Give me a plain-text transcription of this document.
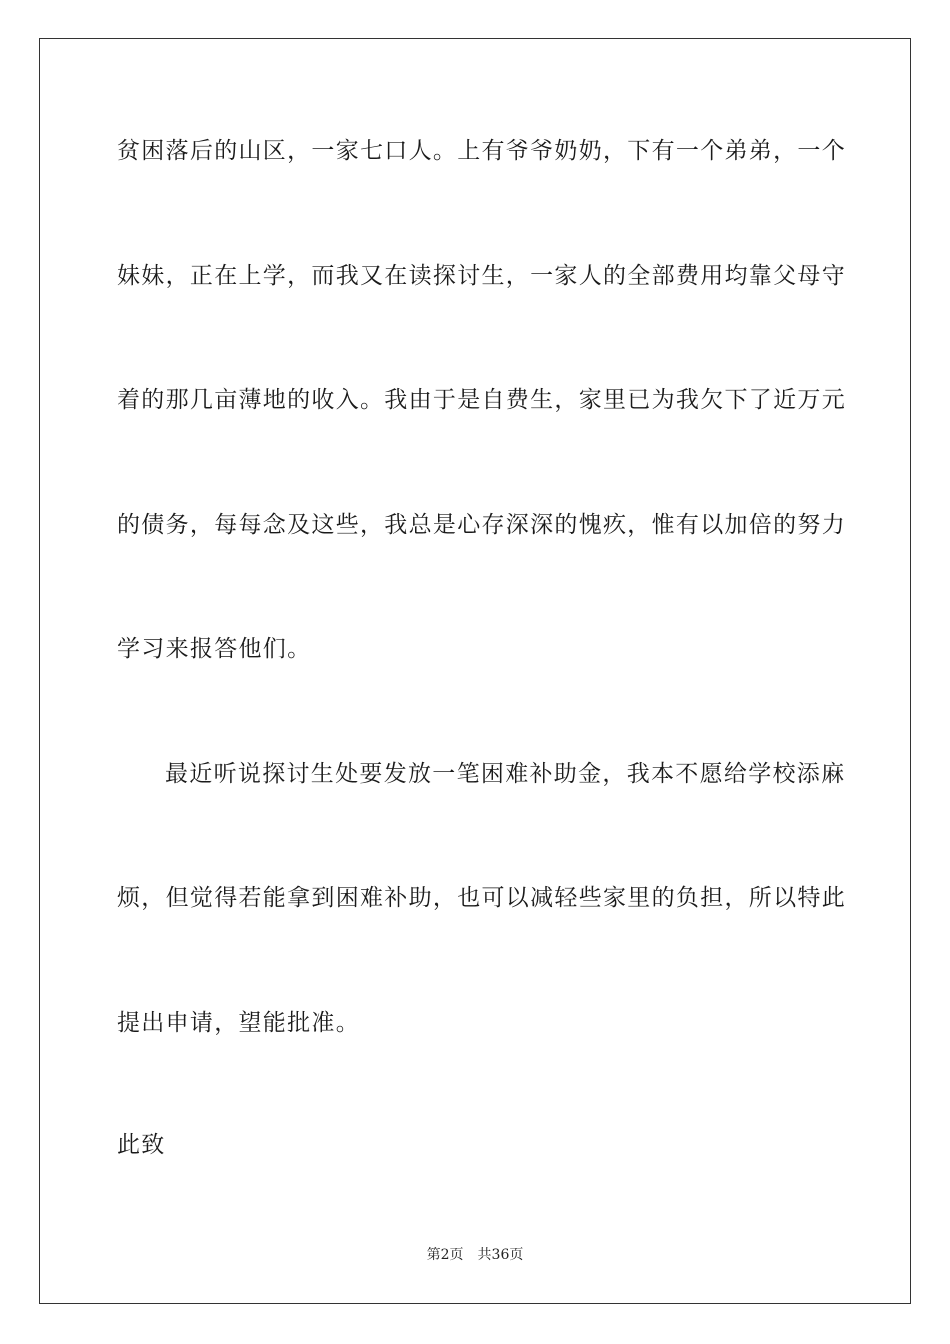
贫困落后的山区，一家七口人。上有爷爷奶奶，下有一个弟弟，一个
妹妹，正在上学，而我又在读探讨生，一家人的全部费用均靠父母守
着的那几亩薄地的收入。我由于是自费生，家里已为我欠下了近万元
的债务，每每念及这些，我总是心存深深的愧疚，惟有以加倍的努力
学习来报答他们。
最近听说探讨生处要发放一笔困难补助金，我本不愿给学校添麻
烦，但觉得若能拿到困难补助，也可以减轻些家里的负担，所以特此
提出申请，望能批准。
此致
第2页 共36页
